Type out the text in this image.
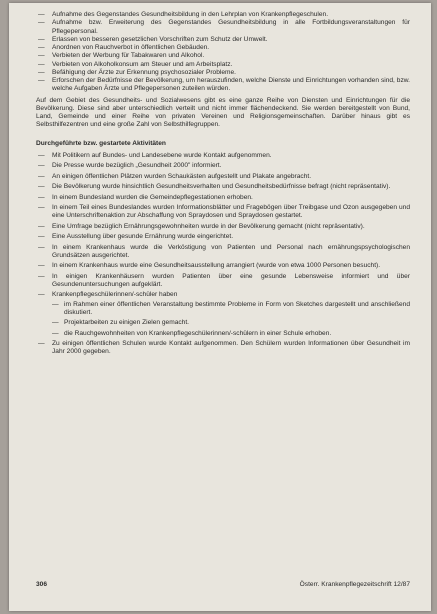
— Aufnahme des Gegenstandes Gesundheitsbildung in den Lehrplan von Krankenpflegeschulen.
— Aufnahme bzw. Erweiterung des Gegenstandes Gesundheitsbildung in alle Fortbildungsveranstaltungen für Pflegepersonal.
— Erlassen von besseren gesetzlichen Vorschriften zum Schutz der Umwelt.
— Anordnen von Rauchverbot in öffentlichen Gebäuden.
— Verbieten der Werbung für Tabakwaren und Alkohol.
— Verbieten von Alkoholkonsum am Steuer und am Arbeitsplatz.
— Befähigung der Ärzte zur Erkennung psychosozialer Probleme.
— Erforschen der Bedürfnisse der Bevölkerung, um herauszufinden, welche Dienste und Einrichtungen vorhanden sind, bzw. welche Aufgaben Ärzte und Pflegepersonen zuteilen würden.

Auf dem Gebiet des Gesundheits- und Sozialwesens gibt es eine ganze Reihe von Diensten und Einrichtungen für die Bevölkerung. Diese sind aber unterschiedlich verteilt und nicht immer flächendeckend. Sie werden bereitgestellt von Bund, Land, Gemeinde und einer Reihe von privaten Vereinen und Religionsgemeinschaften. Darüber hinaus gibt es Selbsthilfezentren und eine große Zahl von Selbsthilfegruppen.

Durchgeführte bzw. gestartete Aktivitäten
— Mit Politikern auf Bundes- und Landesebene wurde Kontakt aufgenommen.
— Die Presse wurde bezüglich „Gesundheit 2000" informiert.
— An einigen öffentlichen Plätzen wurden Schaukästen aufgestellt und Plakate angebracht.
— Die Bevölkerung wurde hinsichtlich Gesundheitsverhalten und Gesundheitsbedürfnisse befragt (nicht repräsentativ).
— In einem Bundesland wurden die Gemeindepflegestationen erhoben.
— In einem Teil eines Bundeslandes wurden Informationsblätter und Fragebögen über Treibgase und Ozon ausgegeben und eine Unterschriftenaktion zur Abschaffung von Spraydosen und Spraydosen gestartet.
— Eine Umfrage bezüglich Ernährungsgewohnheiten wurde in der Bevölkerung gemacht (nicht repräsentativ).
— Eine Ausstellung über gesunde Ernährung wurde eingerichtet.
— In einem Krankenhaus wurde die Verköstigung von Patienten und Personal nach ernährungspsychologischen Grundsätzen ausgerichtet.
— In einem Krankenhaus wurde eine Gesundheitsausstellung arrangiert (wurde von etwa 1000 Personen besucht).
— In einigen Krankenhäusern wurden Patienten über eine gesunde Lebensweise informiert und über Gesundenuntersuchungen aufgeklärt.
— Krankenpflegeschülerinnen/-schüler haben
— im Rahmen einer öffentlichen Veranstaltung bestimmte Probleme in Form von Sketches dargestellt und anschließend diskutiert.
— Projektarbeiten zu einigen Zielen gemacht.
— die Rauchgewohnheiten von Krankenpflegeschülerinnen/-schülern in einer Schule erhoben.
— Zu einigen öffentlichen Schulen wurde Kontakt aufgenommen. Den Schülern wurden Informationen über Gesundheit im Jahr 2000 gegeben.
306	Österr. Krankenpflegezeitschrift 12/87
